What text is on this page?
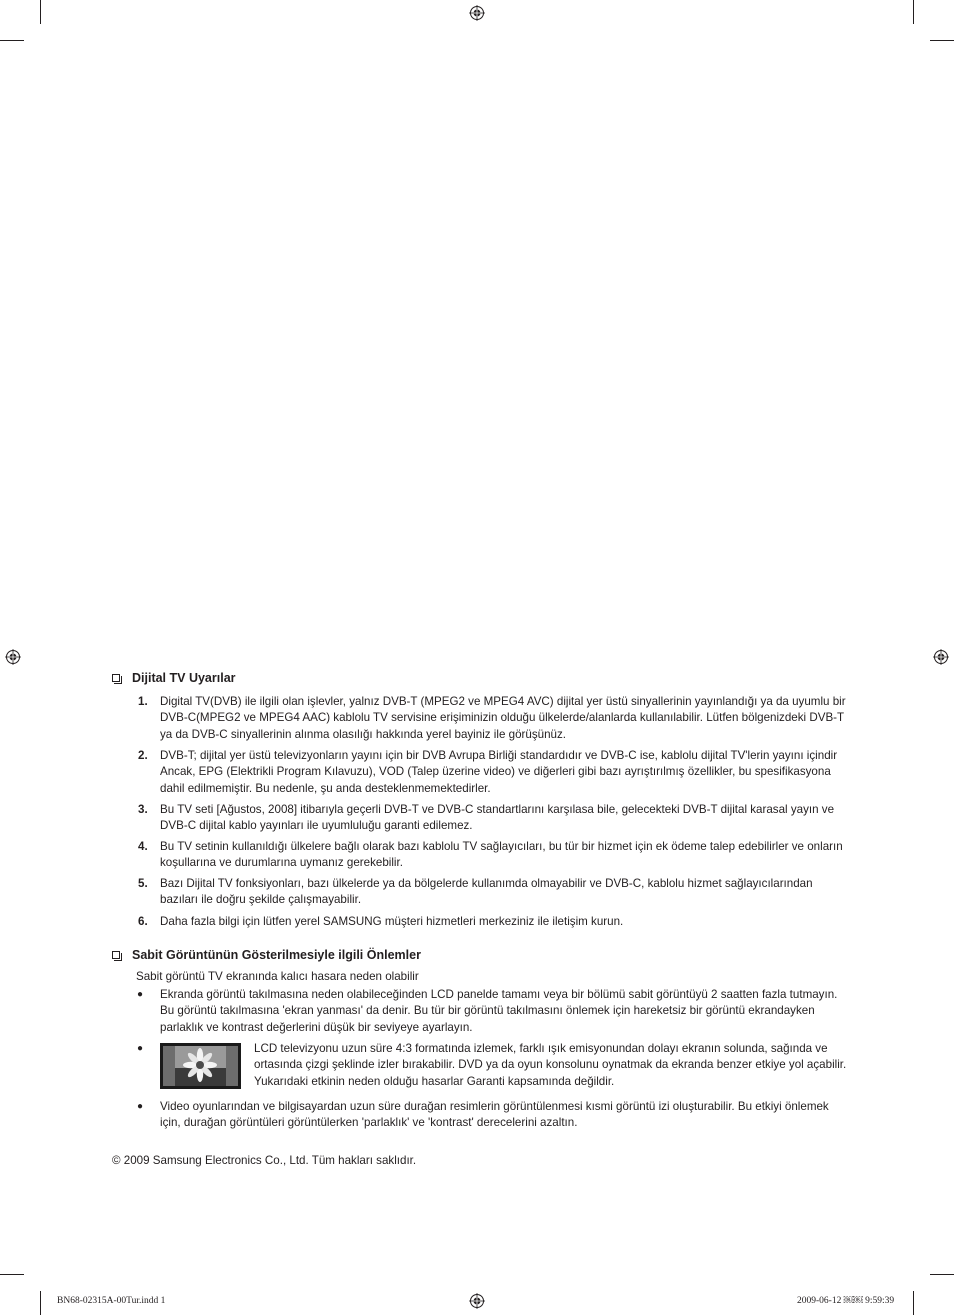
Dijital TV Uyarılar
1. Digital TV(DVB) ile ilgili olan işlevler, yalnız DVB-T (MPEG2 ve MPEG4 AVC) dijital yer üstü sinyallerinin yayınlandığı ya da uyumlu bir DVB-C(MPEG2 ve MPEG4 AAC) kablolu TV servisine erişiminizin olduğu ülkelerde/alanlarda kullanılabilir. Lütfen bölgenizdeki DVB-T ya da DVB-C sinyallerinin alınma olasılığı hakkında yerel bayiniz ile görüşünüz.
2. DVB-T; dijital yer üstü televizyonların yayını için bir DVB Avrupa Birliği standardıdır ve DVB-C ise, kablolu dijital TV'lerin yayını içindir Ancak, EPG (Elektrikli Program Kılavuzu), VOD (Talep üzerine video) ve diğerleri gibi bazı ayrıştırılmış özellikler, bu spesifikasyona dahil edilmemiştir. Bu nedenle, şu anda desteklenmemektedirler.
3. Bu TV seti [Ağustos, 2008] itibarıyla geçerli DVB-T ve DVB-C standartlarını karşılasa bile, gelecekteki DVB-T dijital karasal yayın ve DVB-C dijital kablo yayınları ile uyumluluğu garanti edilemez.
4. Bu TV setinin kullanıldığı ülkelere bağlı olarak bazı kablolu TV sağlayıcıları, bu tür bir hizmet için ek ödeme talep edebilirler ve onların koşullarına ve durumlarına uymanız gerekebilir.
5. Bazı Dijital TV fonksiyonları, bazı ülkelerde ya da bölgelerde kullanımda olmayabilir ve DVB-C, kablolu hizmet sağlayıcılarından bazıları ile doğru şekilde çalışmayabilir.
6. Daha fazla bilgi için lütfen yerel SAMSUNG müşteri hizmetleri merkeziniz ile iletişim kurun.
Sabit Görüntünün Gösterilmesiyle ilgili Önlemler
Sabit görüntü TV ekranında kalıcı hasara neden olabilir
● Ekranda görüntü takılmasına neden olabileceğinden LCD panelde tamamı veya bir bölümü sabit görüntüyü 2 saatten fazla tutmayın. Bu görüntü takılmasına 'ekran yanması' da denir. Bu tür bir görüntü takılmasını önlemek için hareketsiz bir görüntü ekrandayken parlaklık ve kontrast değerlerini düşük bir seviyeye ayarlayın.
●	LCD televizyonu uzun süre 4:3 formatında izlemek, farklı ışık emisyonundan dolayı ekranın solunda, sağında ve ortasında çizgi şeklinde izler bırakabilir. DVD ya da oyun konsolunu oynatmak da ekranda benzer etkiye yol açabilir. Yukarıdaki etkinin neden olduğu hasarlar Garanti kapsamında değildir.
● Video oyunlarından ve bilgisayardan uzun süre durağan resimlerin görüntülenmesi kısmi görüntü izi oluşturabilir. Bu etkiyi önlemek için, durağan görüntüleri görüntülerken 'parlaklık' ve 'kontrast' derecelerini azaltın.
© 2009 Samsung Electronics Co., Ltd. Tüm hakları saklıdır.
BN68-02315A-00Tur.indd 1	2009-06-12 ￼￼ 9:59:39
